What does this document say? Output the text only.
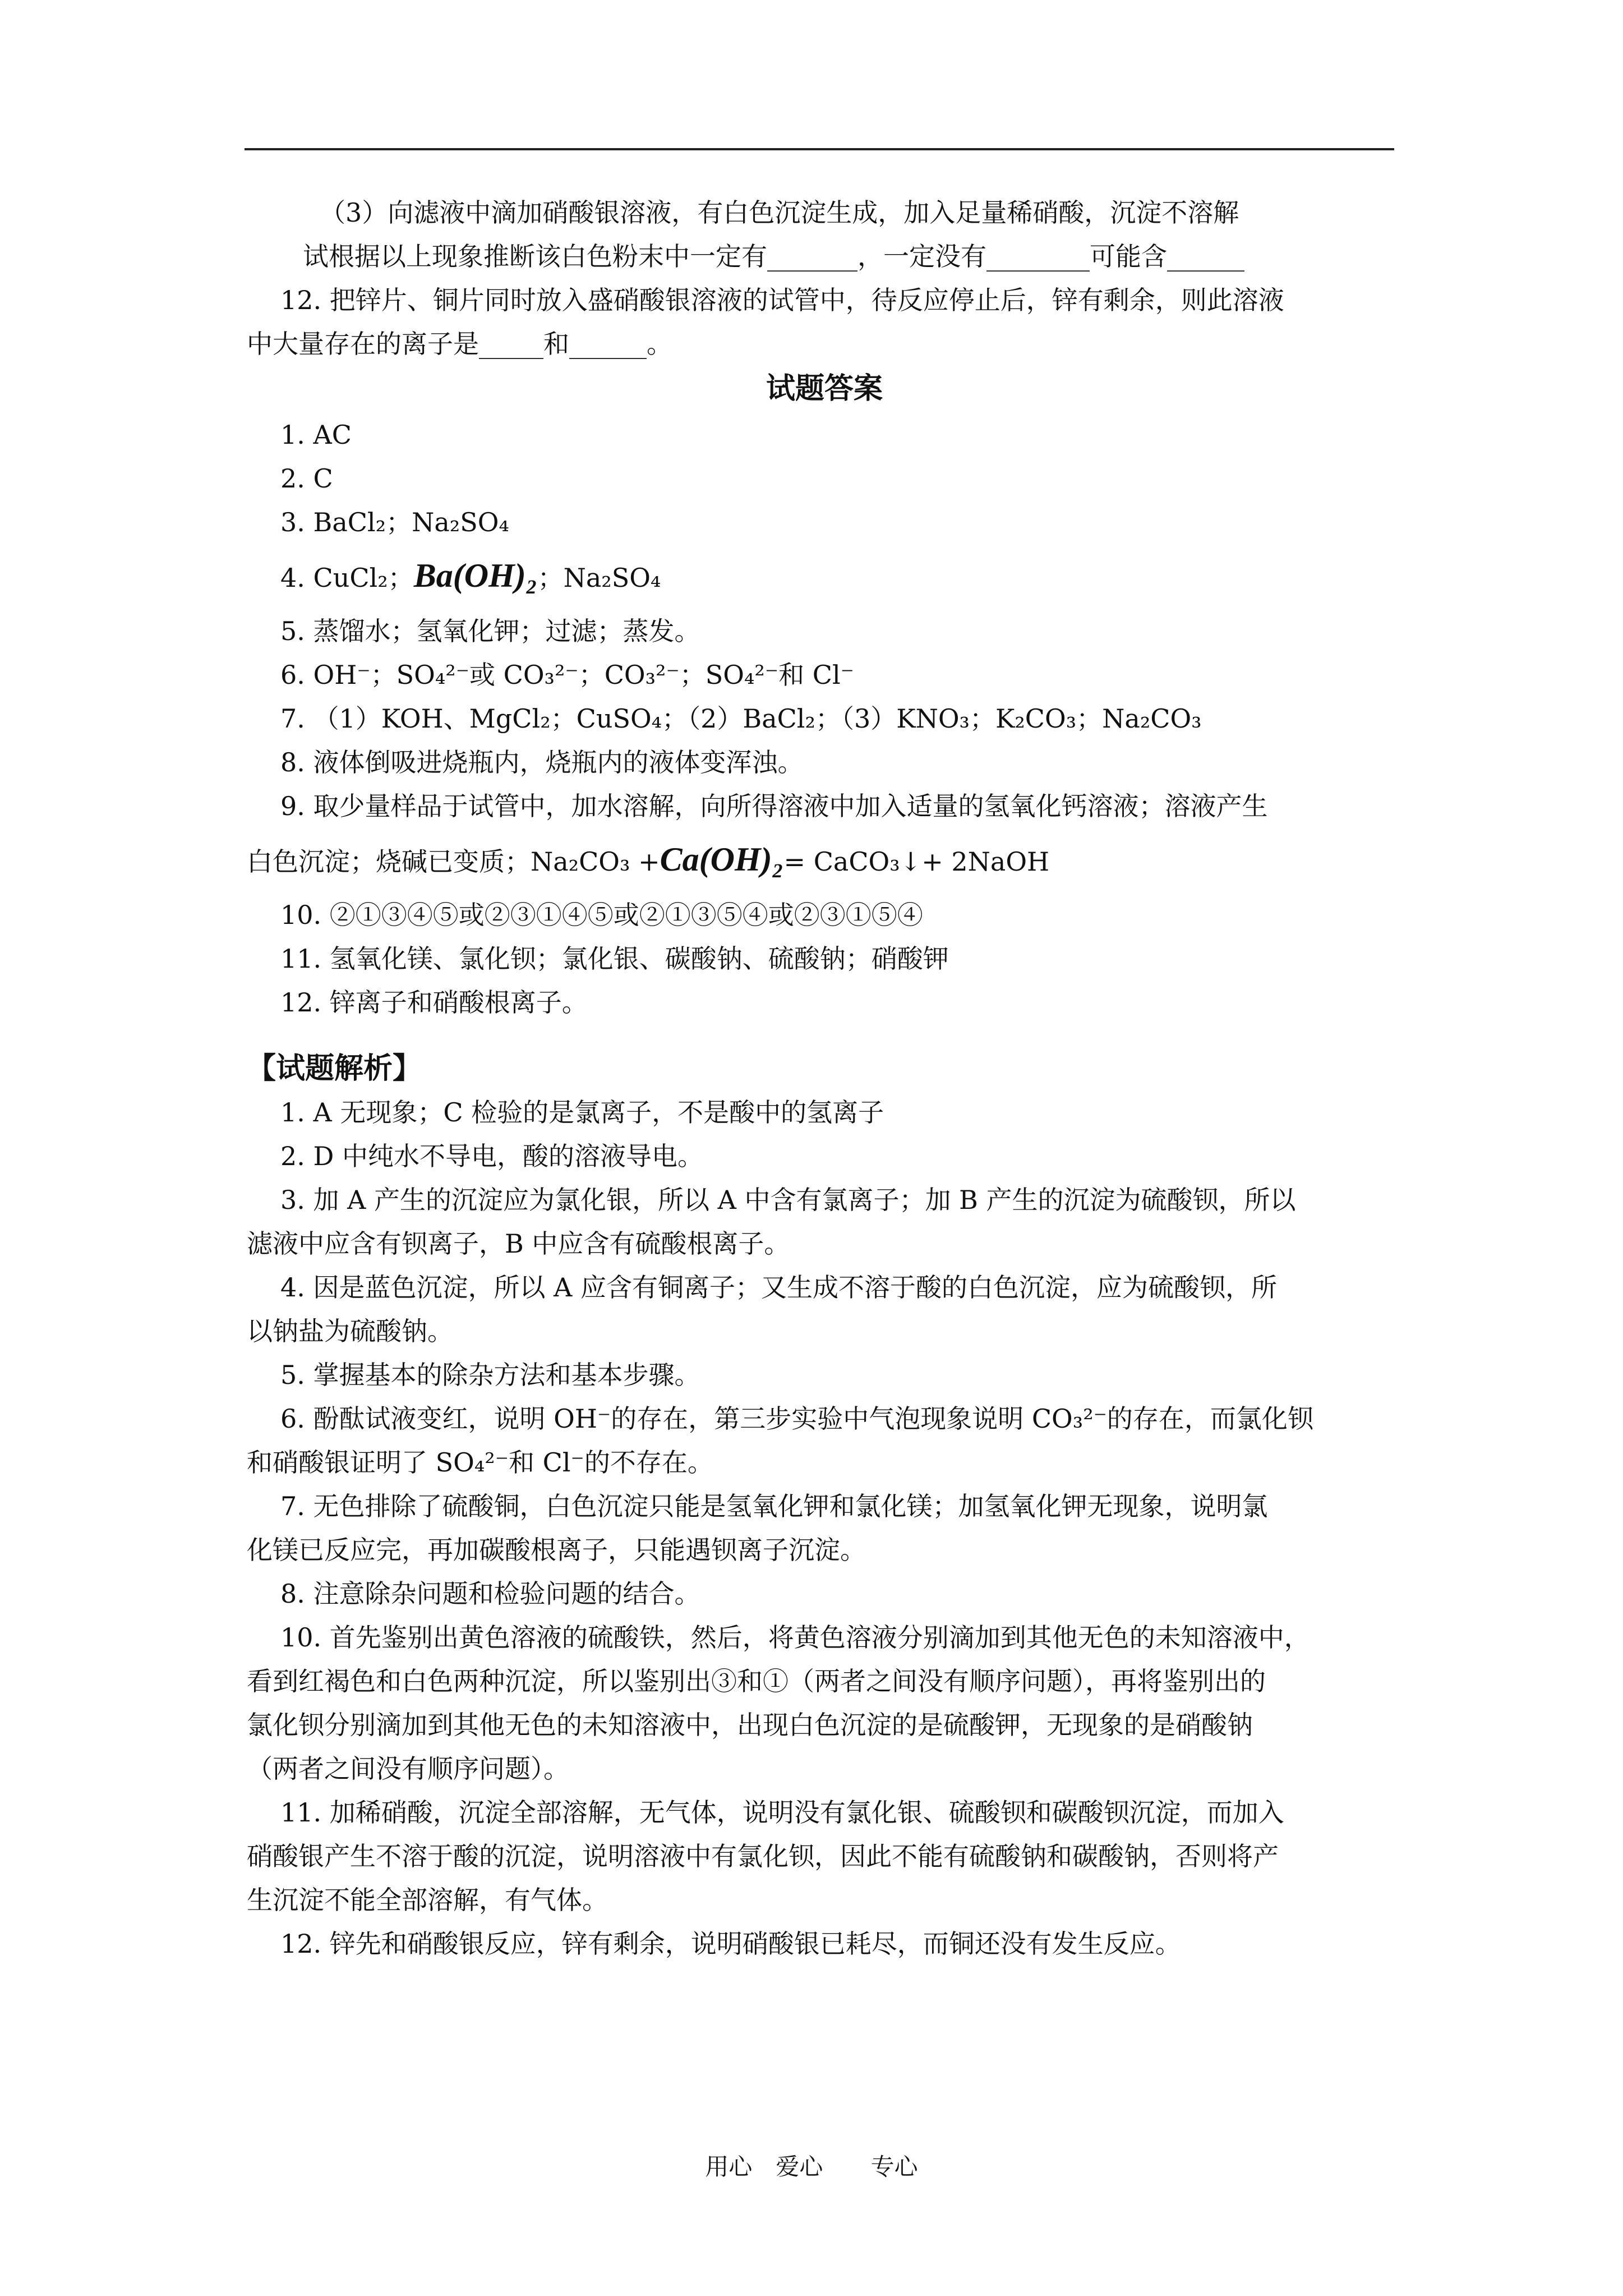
（3）向滤液中滴加硝酸银溶液，有白色沉淀生成，加入足量稀硝酸，沉淀不溶解

试根据以上现象推断该白色粉末中一定有_______，一定没有________可能含______

12. 把锌片、铜片同时放入盛硝酸银溶液的试管中，待反应停止后，锌有剩余，则此溶液

中大量存在的离子是_____和______。

试题答案

1. AC

2. C

3. BaCl₂；Na₂SO₄

4. CuCl₂；Ba(OH)₂；Na₂SO₄

5. 蒸馏水；氢氧化钾；过滤；蒸发。

6. OH⁻；SO₄²⁻或 CO₃²⁻；CO₃²⁻；SO₄²⁻和 Cl⁻

7. （1）KOH、MgCl₂；CuSO₄；（2）BaCl₂；（3）KNO₃；K₂CO₃；Na₂CO₃

8. 液体倒吸进烧瓶内，烧瓶内的液体变浑浊。

9. 取少量样品于试管中，加水溶解，向所得溶液中加入适量的氢氧化钙溶液；溶液产生

白色沉淀；烧碱已变质；Na₂CO₃ +Ca(OH)₂= CaCO₃↓+ 2NaOH

10. ②①③④⑤或②③①④⑤或②①③⑤④或②③①⑤④

11. 氢氧化镁、氯化钡；氯化银、碳酸钠、硫酸钠；硝酸钾

12. 锌离子和硝酸根离子。

【试题解析】

1. A 无现象；C 检验的是氯离子，不是酸中的氢离子

2. D 中纯水不导电，酸的溶液导电。

3. 加 A 产生的沉淀应为氯化银，所以 A 中含有氯离子；加 B 产生的沉淀为硫酸钡，所以

滤液中应含有钡离子，B 中应含有硫酸根离子。

4. 因是蓝色沉淀，所以 A 应含有铜离子；又生成不溶于酸的白色沉淀，应为硫酸钡，所

以钠盐为硫酸钠。

5. 掌握基本的除杂方法和基本步骤。

6. 酚酞试液变红，说明 OH⁻的存在，第三步实验中气泡现象说明 CO₃²⁻的存在，而氯化钡

和硝酸银证明了 SO₄²⁻和 Cl⁻的不存在。

7. 无色排除了硫酸铜，白色沉淀只能是氢氧化钾和氯化镁；加氢氧化钾无现象，说明氯

化镁已反应完，再加碳酸根离子，只能遇钡离子沉淀。

8. 注意除杂问题和检验问题的结合。

10. 首先鉴别出黄色溶液的硫酸铁，然后，将黄色溶液分别滴加到其他无色的未知溶液中，

看到红褐色和白色两种沉淀，所以鉴别出③和①（两者之间没有顺序问题），再将鉴别出的

氯化钡分别滴加到其他无色的未知溶液中，出现白色沉淀的是硫酸钾，无现象的是硝酸钠

（两者之间没有顺序问题）。

11. 加稀硝酸，沉淀全部溶解，无气体，说明没有氯化银、硫酸钡和碳酸钡沉淀，而加入

硝酸银产生不溶于酸的沉淀，说明溶液中有氯化钡，因此不能有硫酸钠和碳酸钠，否则将产

生沉淀不能全部溶解，有气体。

12. 锌先和硝酸银反应，锌有剩余，说明硝酸银已耗尽，而铜还没有发生反应。

用心　爱心　 专心
